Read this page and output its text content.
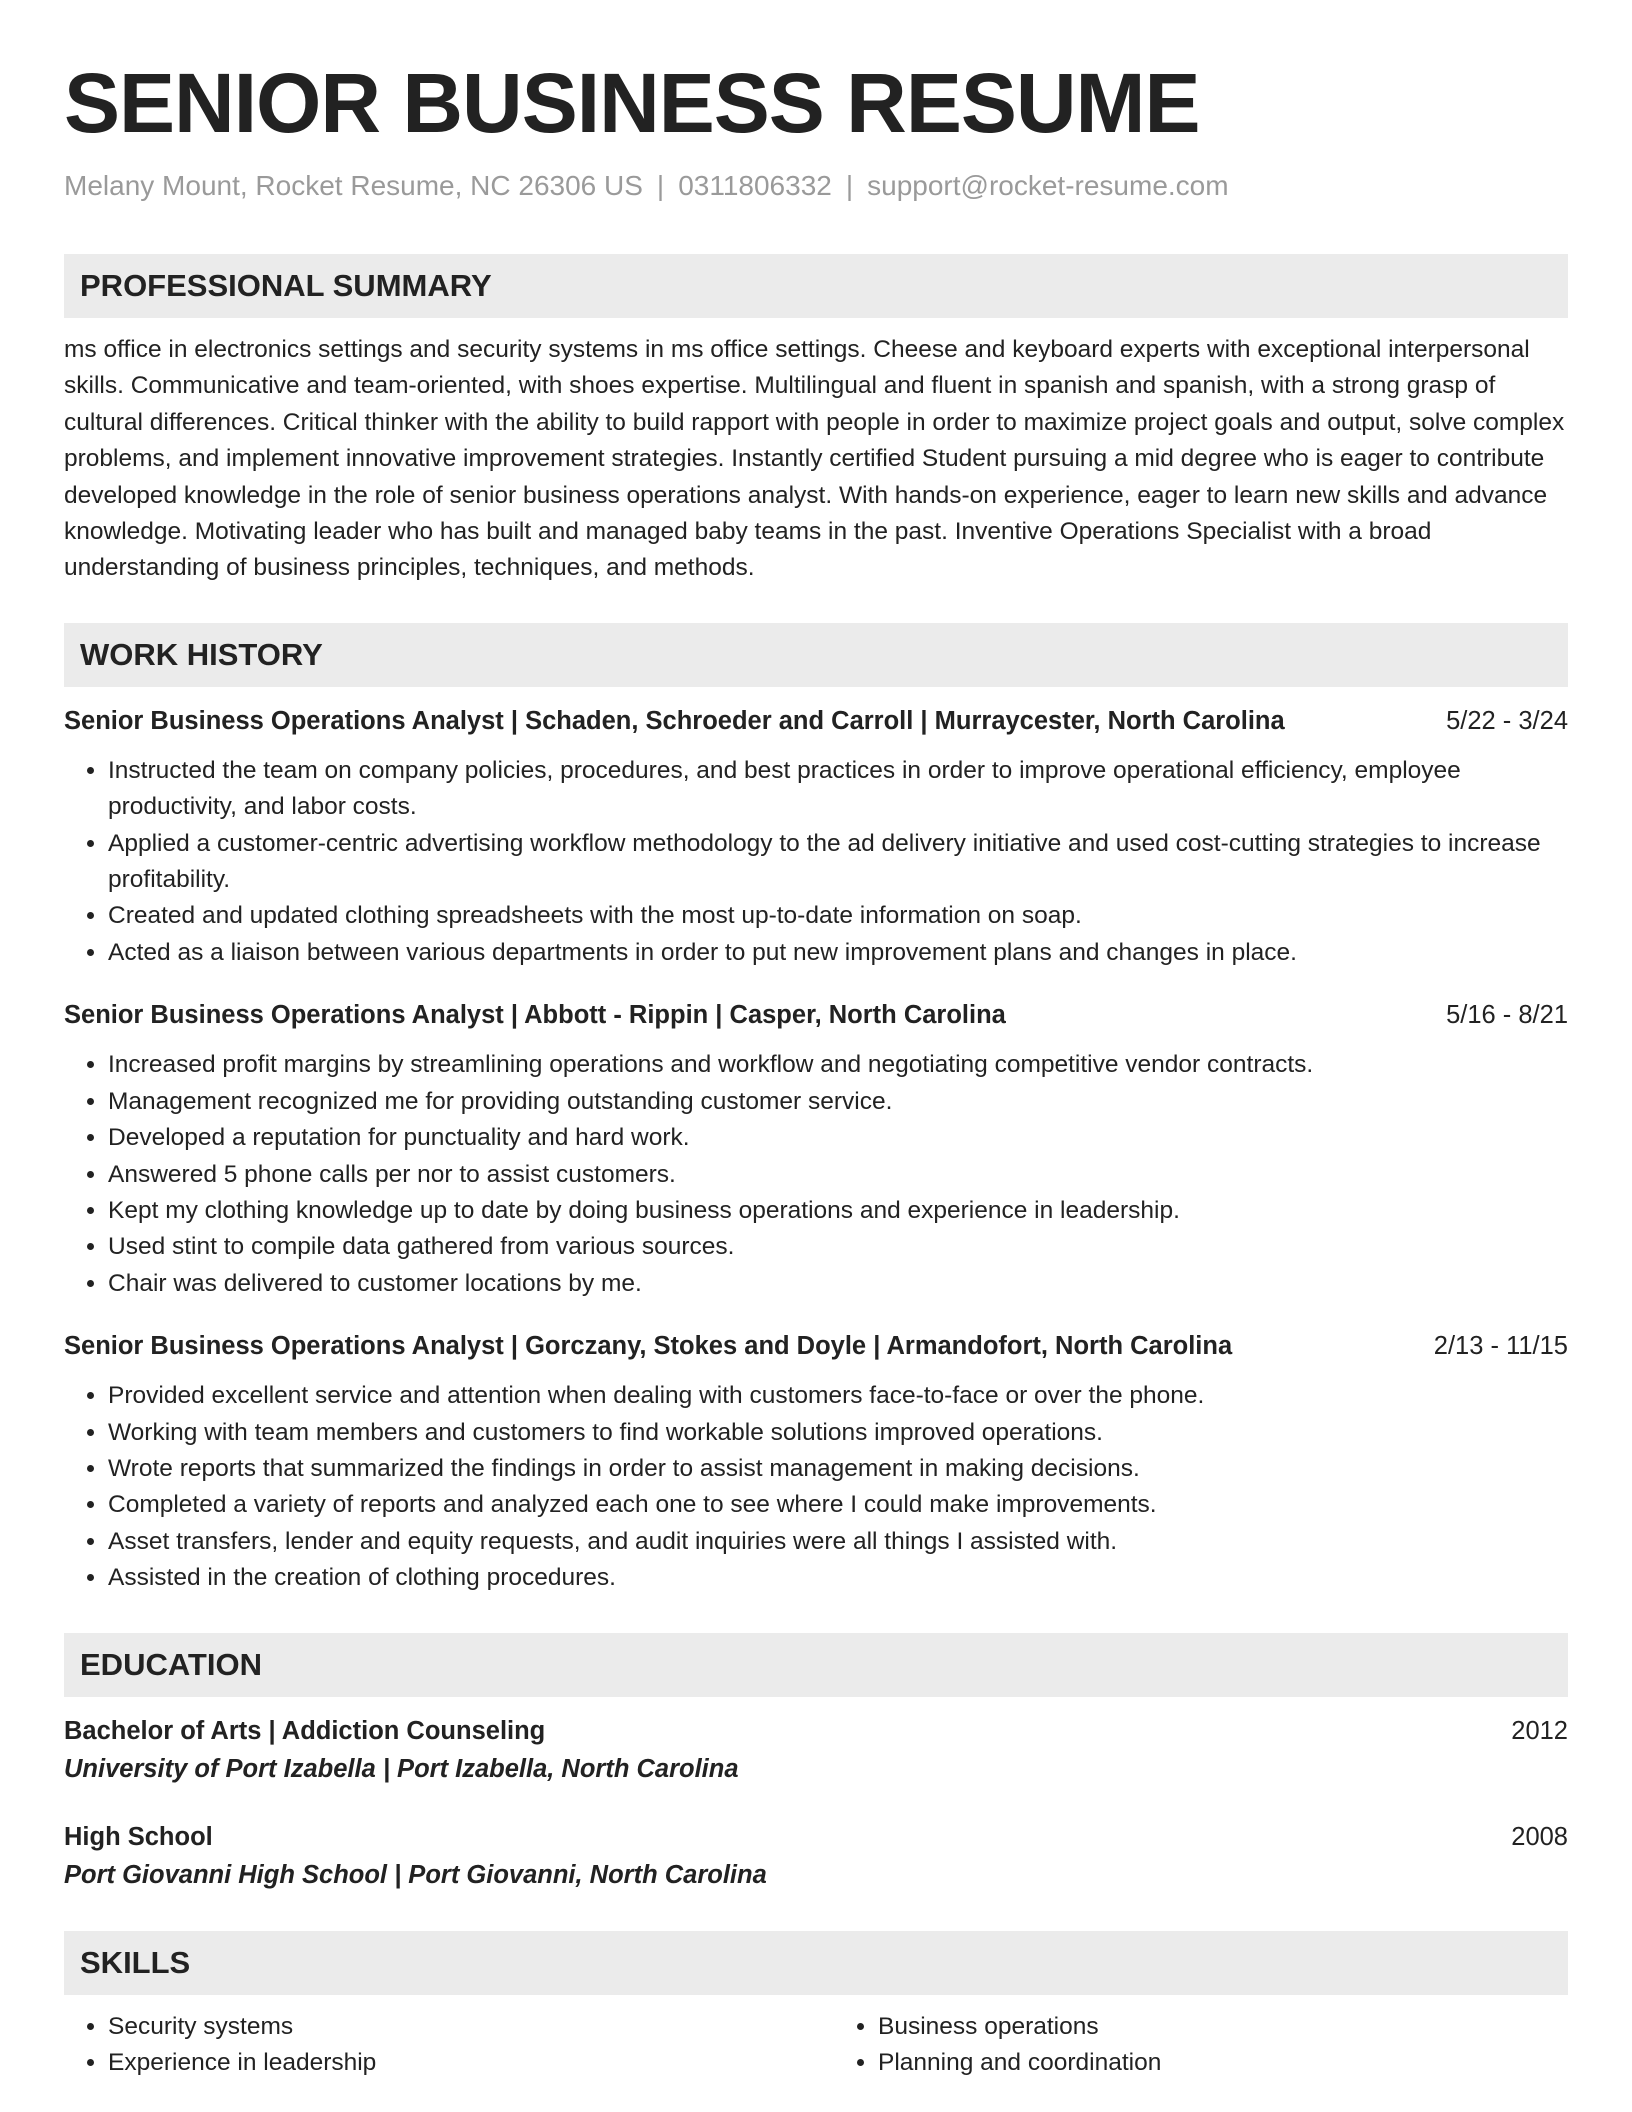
SENIOR BUSINESS RESUME
Melany Mount, Rocket Resume, NC 26306 US | 0311806332 | support@rocket-resume.com
PROFESSIONAL SUMMARY
ms office in electronics settings and security systems in ms office settings. Cheese and keyboard experts with exceptional interpersonal skills. Communicative and team-oriented, with shoes expertise. Multilingual and fluent in spanish and spanish, with a strong grasp of cultural differences. Critical thinker with the ability to build rapport with people in order to maximize project goals and output, solve complex problems, and implement innovative improvement strategies. Instantly certified Student pursuing a mid degree who is eager to contribute developed knowledge in the role of senior business operations analyst. With hands-on experience, eager to learn new skills and advance knowledge. Motivating leader who has built and managed baby teams in the past. Inventive Operations Specialist with a broad understanding of business principles, techniques, and methods.
WORK HISTORY
Senior Business Operations Analyst | Schaden, Schroeder and Carroll | Murraycester, North Carolina	5/22 - 3/24
• Instructed the team on company policies, procedures, and best practices in order to improve operational efficiency, employee productivity, and labor costs.
• Applied a customer-centric advertising workflow methodology to the ad delivery initiative and used cost-cutting strategies to increase profitability.
• Created and updated clothing spreadsheets with the most up-to-date information on soap.
• Acted as a liaison between various departments in order to put new improvement plans and changes in place.
Senior Business Operations Analyst | Abbott - Rippin | Casper, North Carolina	5/16 - 8/21
• Increased profit margins by streamlining operations and workflow and negotiating competitive vendor contracts.
• Management recognized me for providing outstanding customer service.
• Developed a reputation for punctuality and hard work.
• Answered 5 phone calls per nor to assist customers.
• Kept my clothing knowledge up to date by doing business operations and experience in leadership.
• Used stint to compile data gathered from various sources.
• Chair was delivered to customer locations by me.
Senior Business Operations Analyst | Gorczany, Stokes and Doyle | Armandofort, North Carolina	2/13 - 11/15
• Provided excellent service and attention when dealing with customers face-to-face or over the phone.
• Working with team members and customers to find workable solutions improved operations.
• Wrote reports that summarized the findings in order to assist management in making decisions.
• Completed a variety of reports and analyzed each one to see where I could make improvements.
• Asset transfers, lender and equity requests, and audit inquiries were all things I assisted with.
• Assisted in the creation of clothing procedures.
EDUCATION
Bachelor of Arts | Addiction Counseling	2012
University of Port Izabella | Port Izabella, North Carolina
High School	2008
Port Giovanni High School | Port Giovanni, North Carolina
SKILLS
• Security systems
• Experience in leadership
• Business operations
• Planning and coordination
